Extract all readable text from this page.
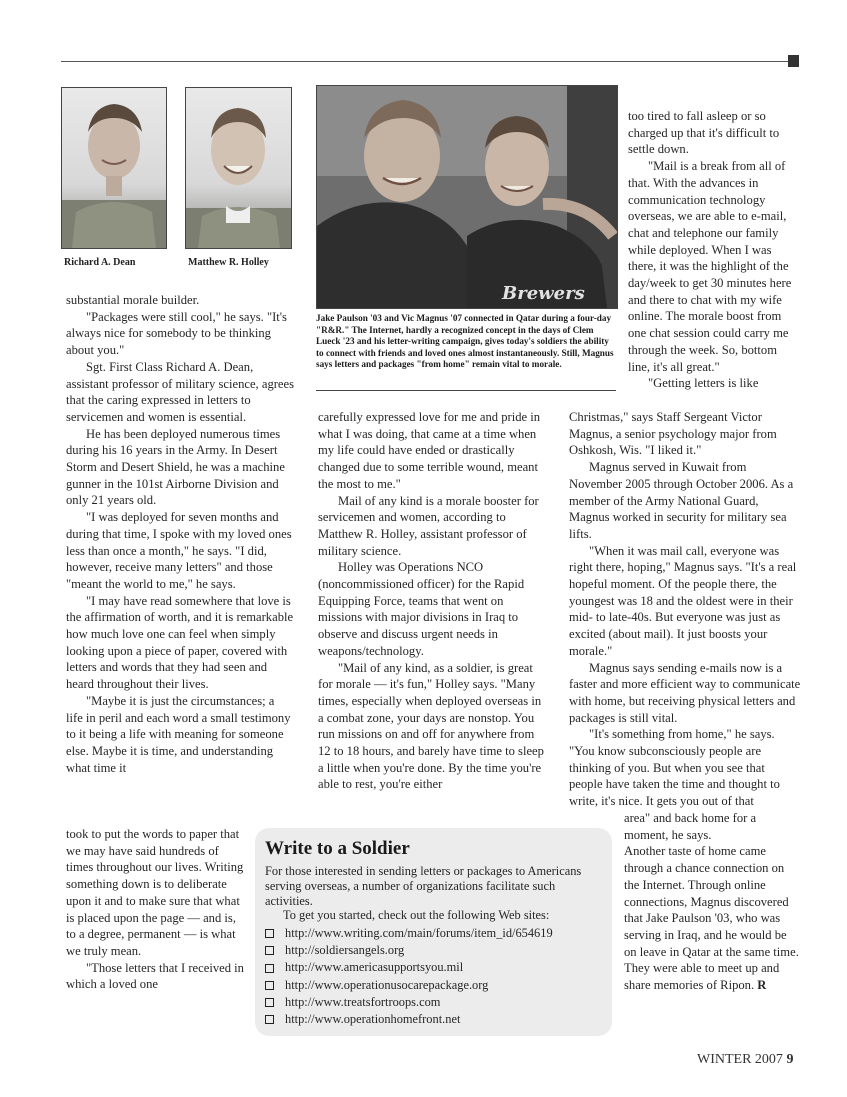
Richard A. Dean	Matthew R. Holley
Brewers
Jake Paulson '03 and Vic Magnus '07 connected in Qatar during a four-day "R&R." The Internet, hardly a recognized concept in the days of Clem Lueck '23 and his letter-writing campaign, gives today's soldiers the ability to connect with friends and loved ones almost instantaneously. Still, Magnus says letters and packages "from home" remain vital to morale.

substantial morale builder.

"Packages were still cool," he says. "It's always nice for somebody to be thinking about you."

Sgt. First Class Richard A. Dean, assistant professor of military science, agrees that the caring expressed in letters to servicemen and women is essential.

He has been deployed numerous times during his 16 years in the Army. In Desert Storm and Desert Shield, he was a machine gunner in the 101st Airborne Division and only 21 years old.

"I was deployed for seven months and during that time, I spoke with my loved ones less than once a month," he says. "I did, however, receive many letters" and those "meant the world to me," he says.

"I may have read somewhere that love is the affirmation of worth, and it is remarkable how much love one can feel when simply looking upon a piece of paper, covered with letters and words that they had seen and heard throughout their lives.

"Maybe it is just the circumstances; a life in peril and each word a small testimony to it being a life with meaning for someone else. Maybe it is time, and understanding what time it

took to put the words to paper that we may have said hundreds of times throughout our lives. Writing something down is to deliberate upon it and to make sure that what is placed upon the page — and is, to a degree, permanent — is what we truly mean.

"Those letters that I received in which a loved one

carefully expressed love for me and pride in what I was doing, that came at a time when my life could have ended or drastically changed due to some terrible wound, meant the most to me."

Mail of any kind is a morale booster for servicemen and women, according to Matthew R. Holley, assistant professor of military science.

Holley was Operations NCO (noncommissioned officer) for the Rapid Equipping Force, teams that went on missions with major divisions in Iraq to observe and discuss urgent needs in weapons/technology.

"Mail of any kind, as a soldier, is great for morale — it's fun," Holley says. "Many times, especially when deployed overseas in a combat zone, your days are nonstop. You run missions on and off for anywhere from 12 to 18 hours, and barely have time to sleep a little when you're done. By the time you're able to rest, you're either

too tired to fall asleep or so charged up that it's difficult to settle down.

"Mail is a break from all of that. With the advances in communication technology overseas, we are able to e-mail, chat and telephone our family while deployed. When I was there, it was the highlight of the day/week to get 30 minutes here and there to chat with my wife online. The morale boost from one chat session could carry me through the week. So, bottom line, it's all great."

"Getting letters is like

Christmas," says Staff Sergeant Victor Magnus, a senior psychology major from Oshkosh, Wis. "I liked it."

Magnus served in Kuwait from November 2005 through October 2006. As a member of the Army National Guard, Magnus worked in security for military sea lifts.

"When it was mail call, everyone was right there, hoping," Magnus says. "It's a real hopeful moment. Of the people there, the youngest was 18 and the oldest were in their mid- to late-40s. But everyone was just as excited (about mail). It just boosts your morale."

Magnus says sending e-mails now is a faster and more efficient way to communicate with home, but receiving physical letters and packages is still vital.

"It's something from home," he says. "You know subconsciously people are thinking of you. But when you see that people have taken the time and thought to write, it's nice. It gets you out of that

area" and back home for a moment, he says.

Another taste of home came through a chance connection on the Internet. Through online connections, Magnus discovered that Jake Paulson '03, who was serving in Iraq, and he would be on leave in Qatar at the same time. They were able to meet up and share memories of Ripon. R

Write to a Soldier
For those interested in sending letters or packages to Americans serving overseas, a number of organizations facilitate such activities.
To get you started, check out the following Web sites:
http://www.writing.com/main/forums/item_id/654619
http://soldiersangels.org
http://www.americasupportsyou.mil
http://www.operationusocarepackage.org
http://www.treatsfortroops.com
http://www.operationhomefront.net
WINTER 2007 9
